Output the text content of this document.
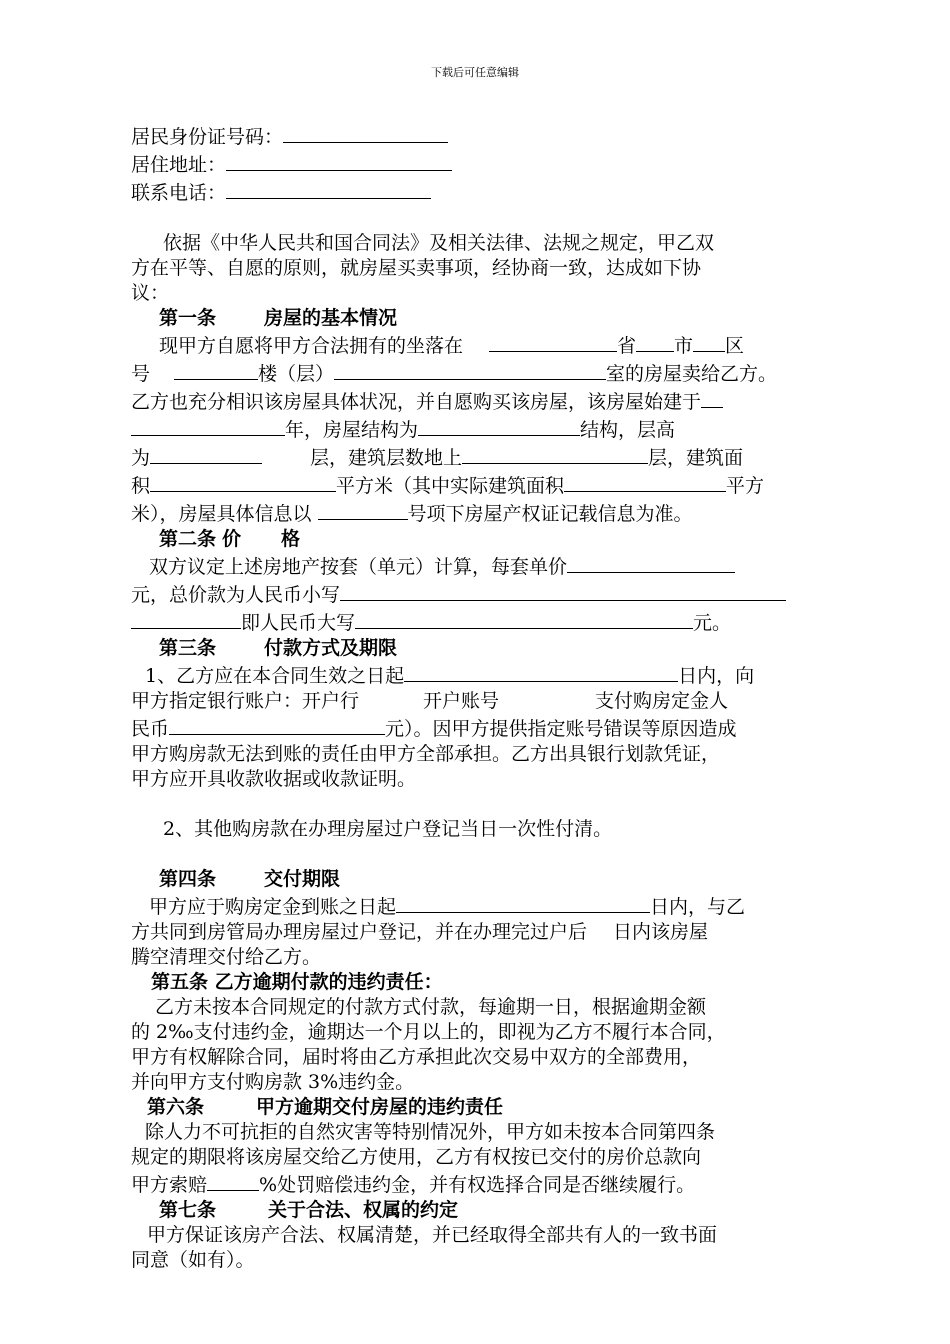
下载后可任意编辑

居民身份证号码：

居住地址：

联系电话：

依据《中华人民共和国合同法》及相关法律、法规之规定，甲乙双

方在平等、自愿的原则，就房屋买卖事项，经协商一致，达成如下协

议：

第一条	房屋的基本情况

现甲方自愿将甲方合法拥有的坐落在	省 市 区

号	楼（层）	室的房屋卖给乙方。

乙方也充分相识该房屋具体状况，并自愿购买该房屋，该房屋始建于

年，房屋结构为	结构，层高

为	层，建筑层数地上	层，建筑面

积	平方米（其中实际建筑面积	平方

米），房屋具体信息以	号项下房屋产权证记载信息为准。

第二条 价 格

双方议定上述房地产按套（单元）计算，每套单价

元，总价款为人民币小写

即人民币大写	元。

第三条	付款方式及期限

1、乙方应在本合同生效之日起	日内，向

甲方指定银行账户：开户行	开户账号	支付购房定金人

民币	元）。因甲方提供指定账号错误等原因造成

甲方购房款无法到账的责任由甲方全部承担。乙方出具银行划款凭证，

甲方应开具收款收据或收款证明。

2、其他购房款在办理房屋过户登记当日一次性付清。

第四条	交付期限

甲方应于购房定金到账之日起	日内，与乙

方共同到房管局办理房屋过户登记，并在办理完过户后 日内该房屋

腾空清理交付给乙方。

第五条 乙方逾期付款的违约责任：

乙方未按本合同规定的付款方式付款，每逾期一日，根据逾期金额

的 2‰支付违约金，逾期达一个月以上的，即视为乙方不履行本合同，

甲方有权解除合同，届时将由乙方承担此次交易中双方的全部费用，

并向甲方支付购房款 3%违约金。

第六条	甲方逾期交付房屋的违约责任

除人力不可抗拒的自然灾害等特别情况外，甲方如未按本合同第四条

规定的期限将该房屋交给乙方使用，乙方有权按已交付的房价总款向

甲方索赔	%处罚赔偿违约金，并有权选择合同是否继续履行。

第七条	关于合法、权属的约定

甲方保证该房产合法、权属清楚，并已经取得全部共有人的一致书面

同意（如有）。
